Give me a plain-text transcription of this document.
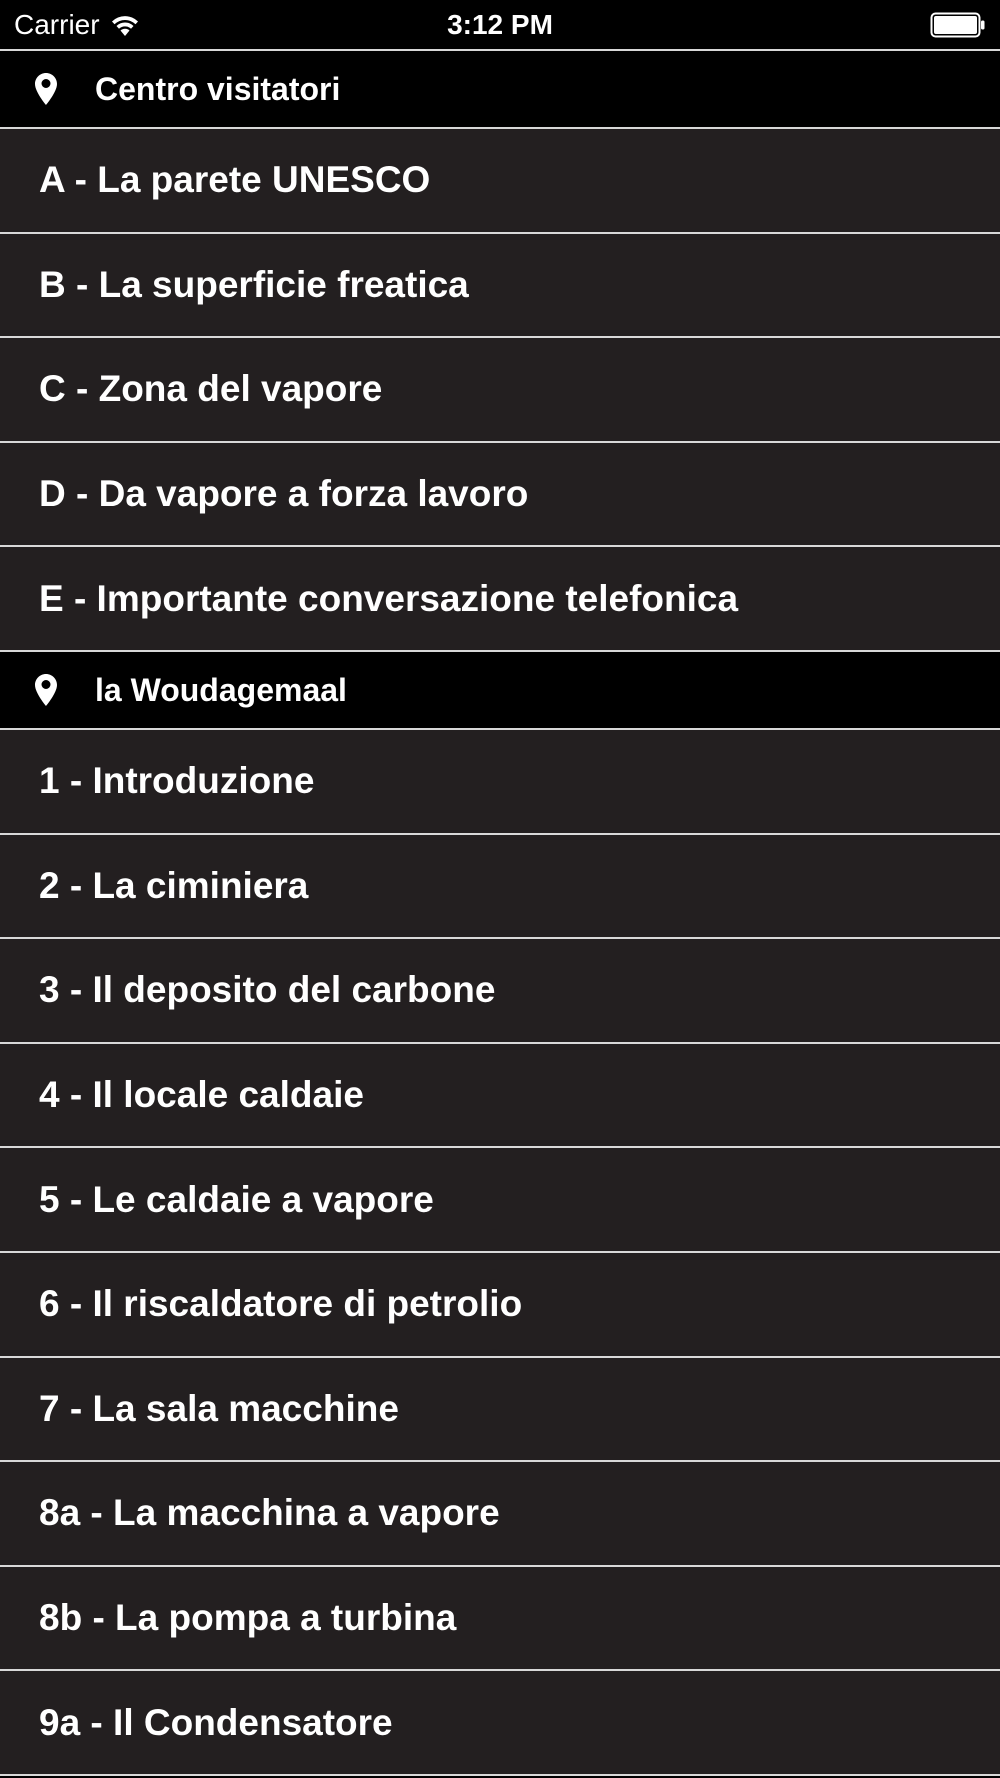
Carrier	3:12 PM
Centro visitatori
A - La parete UNESCO
B - La superficie freatica
C - Zona del vapore
D - Da vapore a forza lavoro
E - Importante conversazione telefonica
la Woudagemaal
1 - Introduzione
2 - La ciminiera
3 - Il deposito del carbone
4 - Il locale caldaie
5 - Le caldaie a vapore
6 - Il riscaldatore di petrolio
7 - La sala macchine
8a - La macchina a vapore
8b - La pompa a turbina
9a - Il Condensatore
